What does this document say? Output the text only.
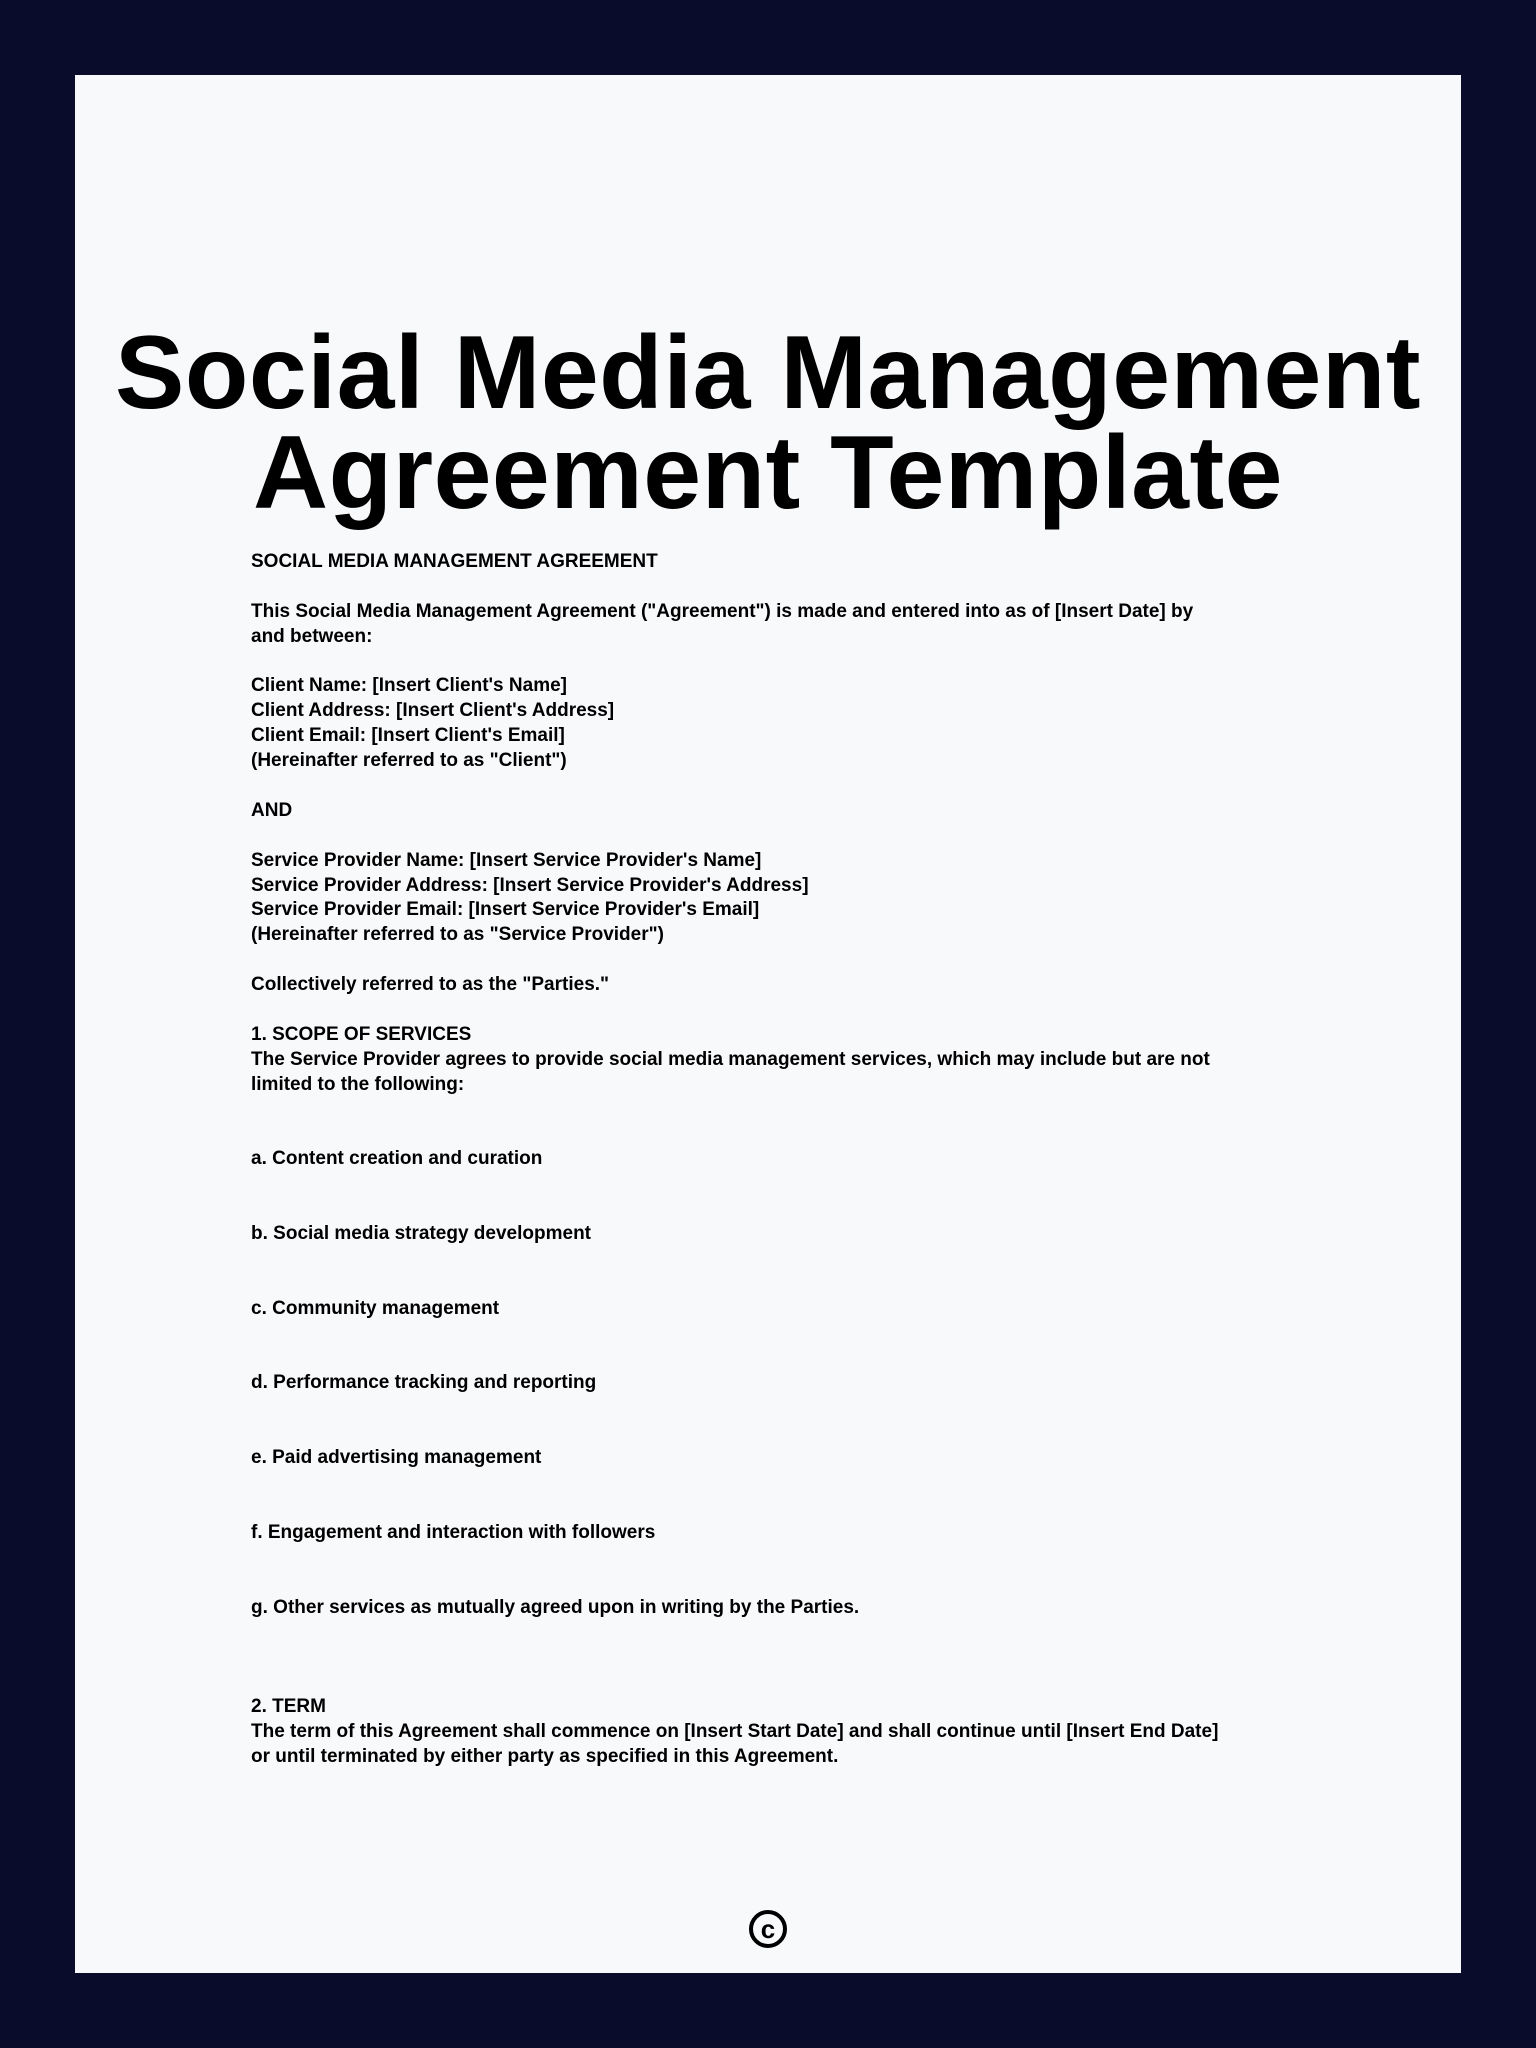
Social Media Management
Agreement Template
SOCIAL MEDIA MANAGEMENT AGREEMENT
This Social Media Management Agreement ("Agreement") is made and entered into as of [Insert Date] by
and between:
Client Name: [Insert Client's Name]
Client Address: [Insert Client's Address]
Client Email: [Insert Client's Email]
(Hereinafter referred to as "Client")
AND
Service Provider Name: [Insert Service Provider's Name]
Service Provider Address: [Insert Service Provider's Address]
Service Provider Email: [Insert Service Provider's Email]
(Hereinafter referred to as "Service Provider")
Collectively referred to as the "Parties."
1. SCOPE OF SERVICES
The Service Provider agrees to provide social media management services, which may include but are not
limited to the following:
a. Content creation and curation
b. Social media strategy development
c. Community management
d. Performance tracking and reporting
e. Paid advertising management
f. Engagement and interaction with followers
g. Other services as mutually agreed upon in writing by the Parties.
2. TERM
The term of this Agreement shall commence on [Insert Start Date] and shall continue until [Insert End Date]
or until terminated by either party as specified in this Agreement.
c
